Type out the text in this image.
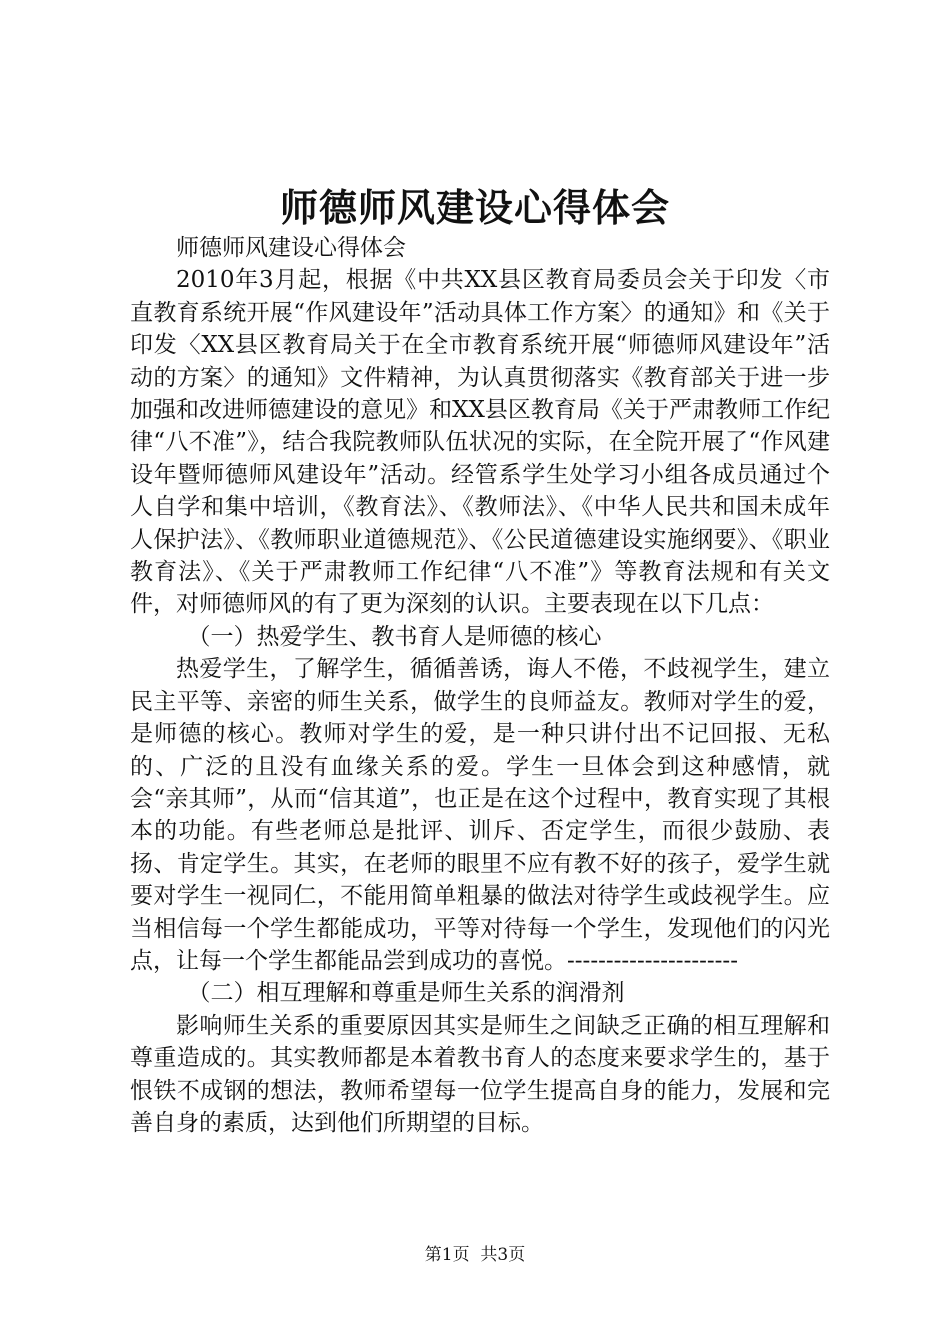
师德师风建设心得体会

师德师风建设心得体会

2010年3月起，根据《中共XX县区教育局委员会关于印发〈市直教育系统开展“作风建设年”活动具体工作方案〉的通知》和《关于印发〈XX县区教育局关于在全市教育系统开展“师德师风建设年”活动的方案〉的通知》文件精神，为认真贯彻落实《教育部关于进一步加强和改进师德建设的意见》和XX县区教育局《关于严肃教师工作纪律“八不准”》，结合我院教师队伍状况的实际，在全院开展了“作风建设年暨师德师风建设年”活动。经管系学生处学习小组各成员通过个人自学和集中培训，《教育法》、《教师法》、《中华人民共和国未成年人保护法》、《教师职业道德规范》、《公民道德建设实施纲要》、《职业教育法》、《关于严肃教师工作纪律“八不准”》等教育法规和有关文件，对师德师风的有了更为深刻的认识。主要表现在以下几点：

（一）热爱学生、教书育人是师德的核心

热爱学生，了解学生，循循善诱，诲人不倦，不歧视学生，建立民主平等、亲密的师生关系，做学生的良师益友。教师对学生的爱，是师德的核心。教师对学生的爱，是一种只讲付出不记回报、无私的、广泛的且没有血缘关系的爱。学生一旦体会到这种感情，就会“亲其师”，从而“信其道”，也正是在这个过程中，教育实现了其根本的功能。有些老师总是批评、训斥、否定学生，而很少鼓励、表扬、肯定学生。其实，在老师的眼里不应有教不好的孩子，爱学生就要对学生一视同仁，不能用简单粗暴的做法对待学生或歧视学生。应当相信每一个学生都能成功，平等对待每一个学生，发现他们的闪光点，让每一个学生都能品尝到成功的喜悦。----------------------

（二）相互理解和尊重是师生关系的润滑剂

影响师生关系的重要原因其实是师生之间缺乏正确的相互理解和尊重造成的。其实教师都是本着教书育人的态度来要求学生的，基于恨铁不成钢的想法，教师希望每一位学生提高自身的能力，发展和完善自身的素质，达到他们所期望的目标。

第1页  共3页
